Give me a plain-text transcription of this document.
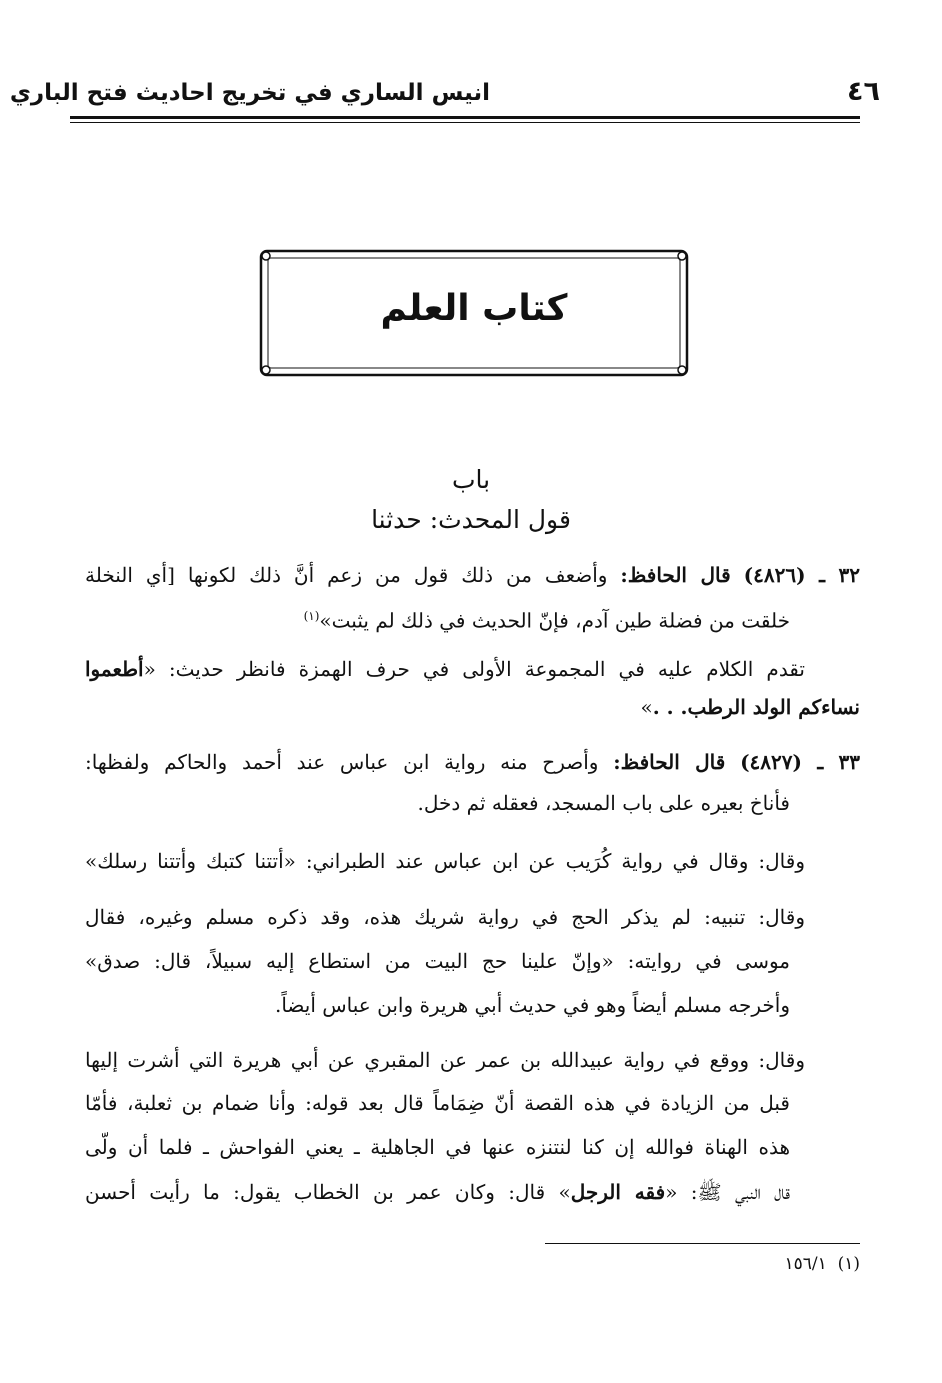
٤٦
انيس الساري في تخريج احاديث فتح الباري
كتاب العلم
باب
قول المحدث: حدثنا
٣٢ ـ (٤٨٢٦) قال الحافظ: وأضعف من ذلك قول من زعم أنَّ ذلك لكونها [أي النخلة
خلقت من فضلة طين آدم، فإنّ الحديث في ذلك لم يثبت»$^{(١)}$
تقدم الكلام عليه في المجموعة الأولى في حرف الهمزة فانظر حديث: «أطعموا
نساءكم الولد الرطب. . .»
٣٣ ـ (٤٨٢٧) قال الحافظ: وأصرح منه رواية ابن عباس عند أحمد والحاكم ولفظها:
فأناخ بعيره على باب المسجد، فعقله ثم دخل.
وقال: وقال في رواية كُرَيب عن ابن عباس عند الطبراني: «أتتنا كتبك وأتتنا رسلك»
وقال: تنبيه: لم يذكر الحج في رواية شريك هذه، وقد ذكره مسلم وغيره، فقال
موسى في روايته: «وإنّ علينا حج البيت من استطاع إليه سبيلاً، قال: صدق»
وأخرجه مسلم أيضاً وهو في حديث أبي هريرة وابن عباس أيضاً.
وقال: ووقع في رواية عبيدالله بن عمر عن المقبري عن أبي هريرة التي أشرت إليها
قبل من الزيادة في هذه القصة أنّ ضِمَاماً قال بعد قوله: وأنا ضمام بن ثعلبة، فأمّا
هذه الهناة فوالله إن كنا لنتنزه عنها في الجاهلية ـ يعني الفواحش ـ فلما أن ولّى
قال النبي ﷺ: «فقه الرجل» قال: وكان عمر بن الخطاب يقول: ما رأيت أحسن
(١)  ١٥٦/١
